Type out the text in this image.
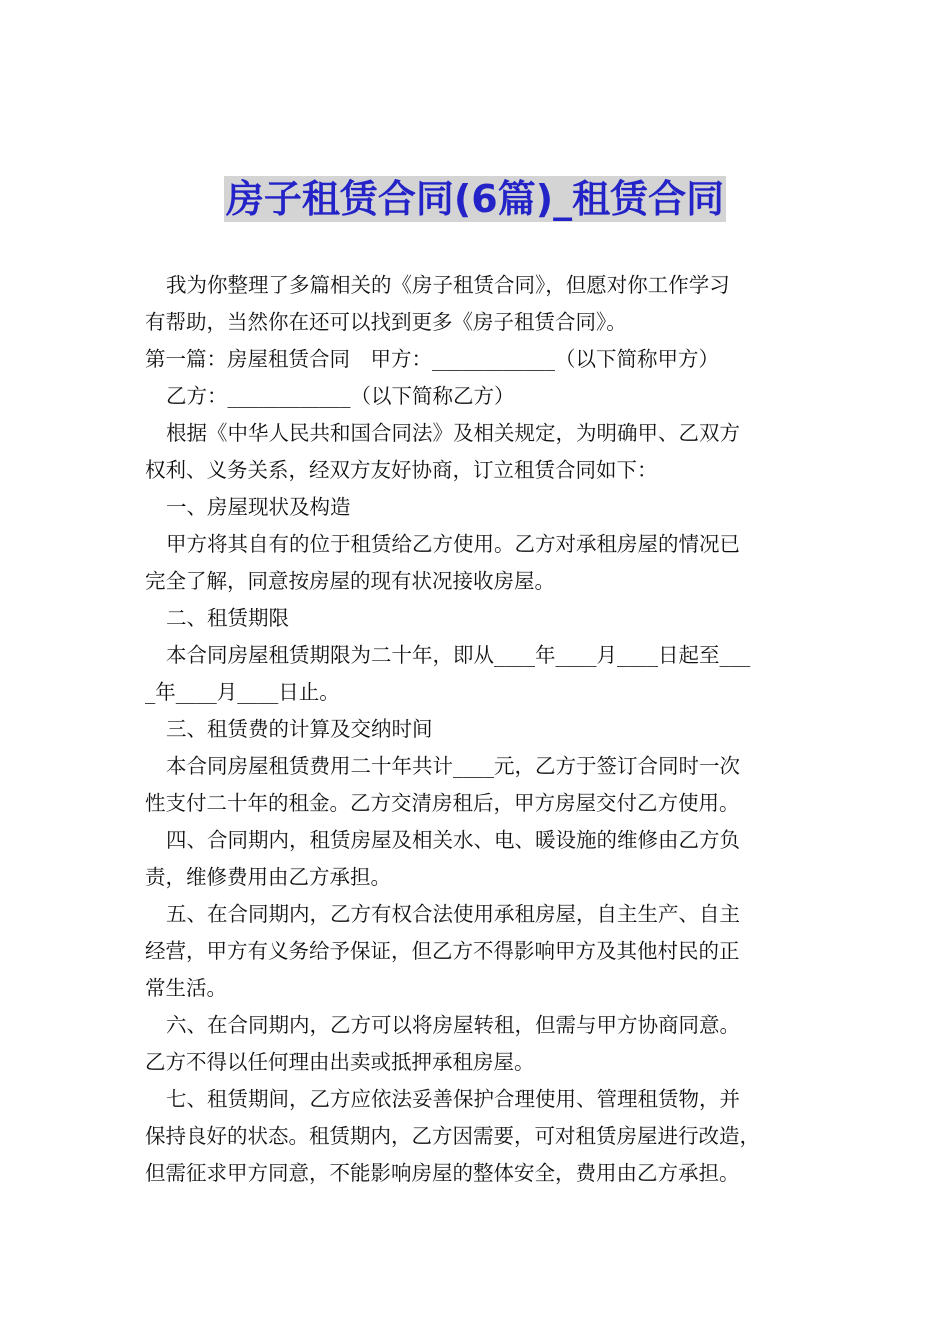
房子租赁合同(6篇)_租赁合同

我为你整理了多篇相关的《房子租赁合同》，但愿对你工作学习

有帮助，当然你在还可以找到更多《房子租赁合同》。

第一篇：房屋租赁合同　甲方：____________（以下简称甲方）

乙方：____________（以下简称乙方）

根据《中华人民共和国合同法》及相关规定，为明确甲、乙双方

权利、义务关系，经双方友好协商，订立租赁合同如下：

一、房屋现状及构造

甲方将其自有的位于租赁给乙方使用。乙方对承租房屋的情况已

完全了解，同意按房屋的现有状况接收房屋。

二、租赁期限

本合同房屋租赁期限为二十年，即从____年____月____日起至___

_年____月____日止。

三、租赁费的计算及交纳时间

本合同房屋租赁费用二十年共计____元，乙方于签订合同时一次

性支付二十年的租金。乙方交清房租后，甲方房屋交付乙方使用。

四、合同期内，租赁房屋及相关水、电、暖设施的维修由乙方负

责，维修费用由乙方承担。

五、在合同期内，乙方有权合法使用承租房屋，自主生产、自主

经营，甲方有义务给予保证，但乙方不得影响甲方及其他村民的正

常生活。

六、在合同期内，乙方可以将房屋转租，但需与甲方协商同意。

乙方不得以任何理由出卖或抵押承租房屋。

七、租赁期间，乙方应依法妥善保护合理使用、管理租赁物，并

保持良好的状态。租赁期内，乙方因需要，可对租赁房屋进行改造，

但需征求甲方同意，不能影响房屋的整体安全，费用由乙方承担。
